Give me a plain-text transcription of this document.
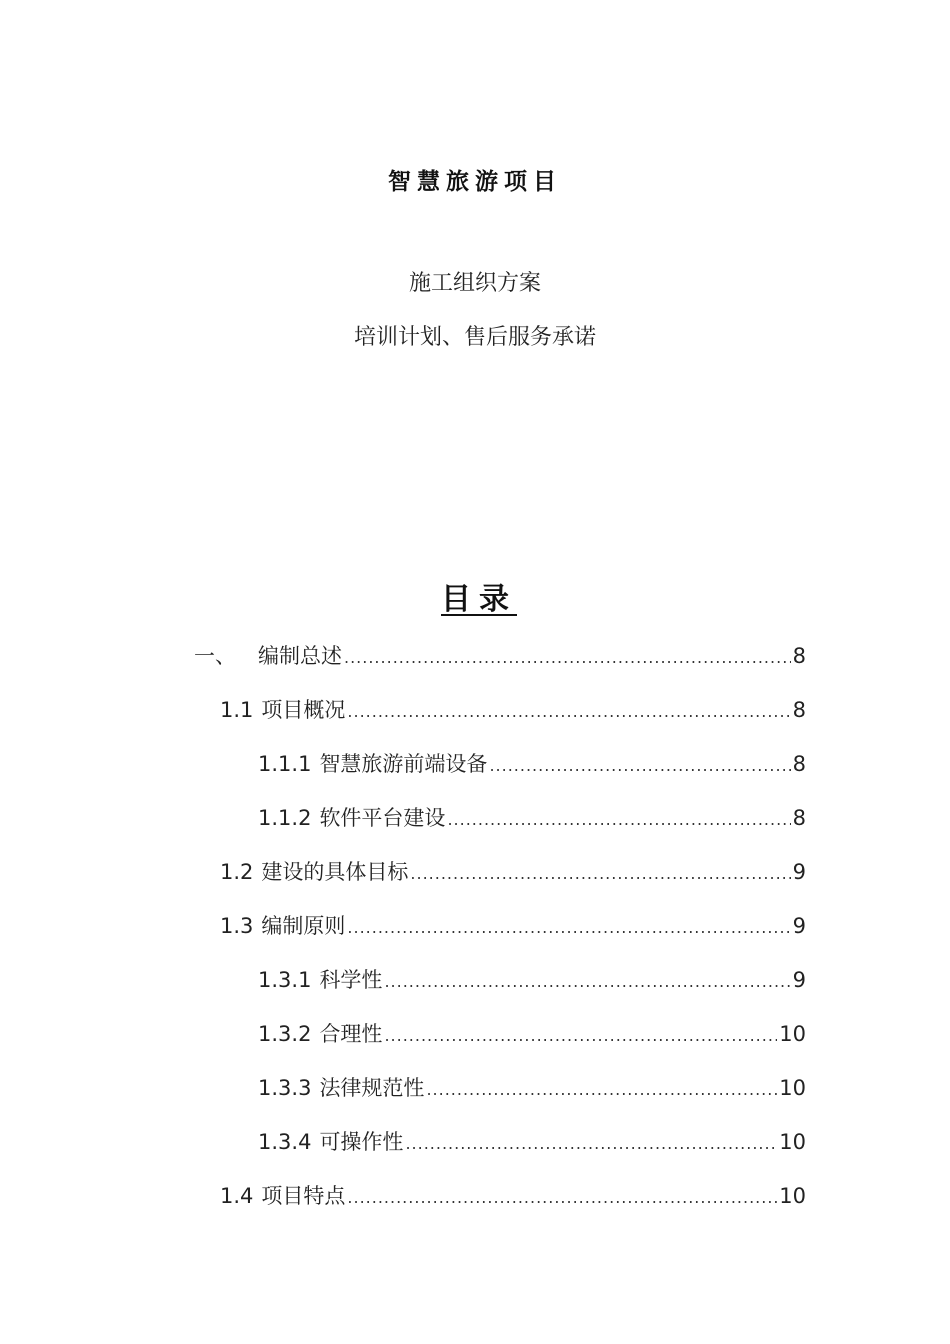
智慧旅游项目
施工组织方案
培训计划、售后服务承诺
目录
一、 编制总述 .....	8
1.1 项目概况 .....	8
1.1.1 智慧旅游前端设备 .....	8
1.1.2 软件平台建设 .....	8
1.2 建设的具体目标 .....	9
1.3 编制原则 .....	9
1.3.1 科学性 .....	9
1.3.2 合理性 .....	10
1.3.3 法律规范性 .....	10
1.3.4 可操作性 .....	10
1.4 项目特点 .....	10
